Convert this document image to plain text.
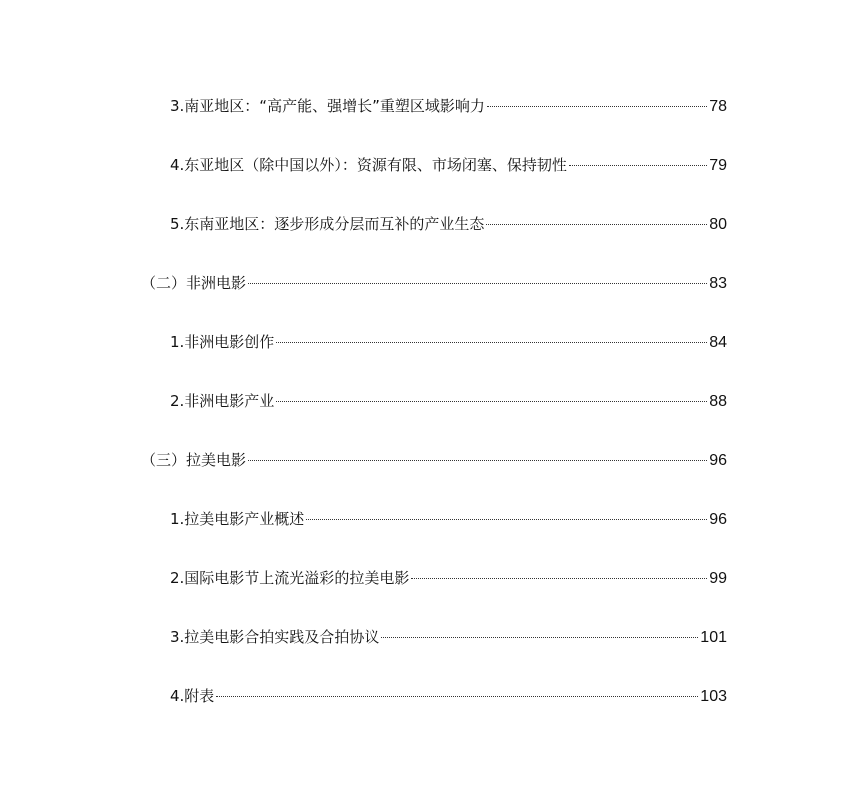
3.南亚地区：“高产能、强增长”重塑区域影响力	78
4.东亚地区（除中国以外）：资源有限、市场闭塞、保持韧性	79
5.东南亚地区：逐步形成分层而互补的产业生态	80
（二）非洲电影	83
1.非洲电影创作	84
2.非洲电影产业	88
（三）拉美电影	96
1.拉美电影产业概述	96
2.国际电影节上流光溢彩的拉美电影	99
3.拉美电影合拍实践及合拍协议	101
4.附表	103
